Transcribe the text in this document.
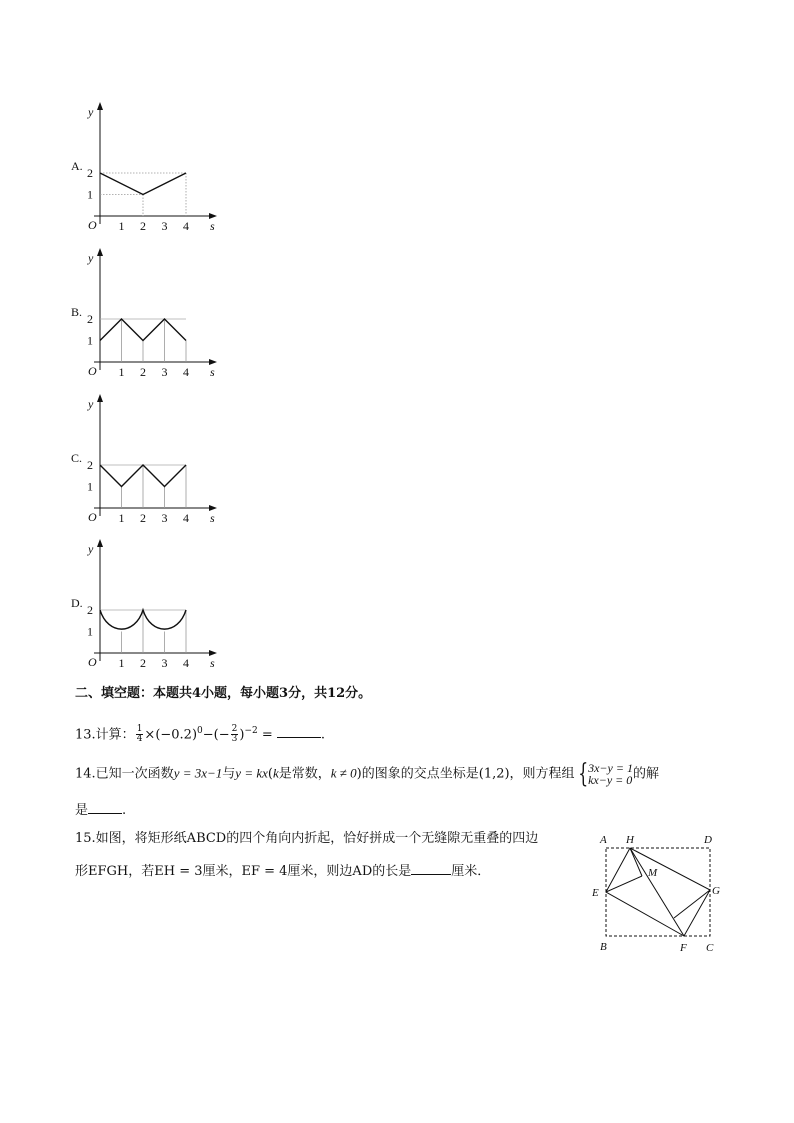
A.
y
s
O 1 2 3 4
2
1
B.
y
s
O 1 2 3 4
2
1
C.
y
s
O 1 2 3 4
2
1
D.
y
s
O 1 2 3 4
2
1
二、填空题：本题共4小题，每小题3分，共12分。
13.计算： $\frac{1}{4} \times(-0.2)^0-(- \frac{2}{3} )^{-2}$ =	.
14.已知一次函数y = 3x−1与y = kx(k是常数，k ≠ 0)的图象的交点坐标是(1,2)，则方程组 { 3x−y = 1
kx−y = 0 的解
是	.
15.如图，将矩形纸ABCD的四个角向内折起，恰好拼成一个无缝隙无重叠的四边
形EFGH，若EH = 3厘米，EF = 4厘米，则边AD的长是	厘米．
A H	D
M
E	G
B	F C
